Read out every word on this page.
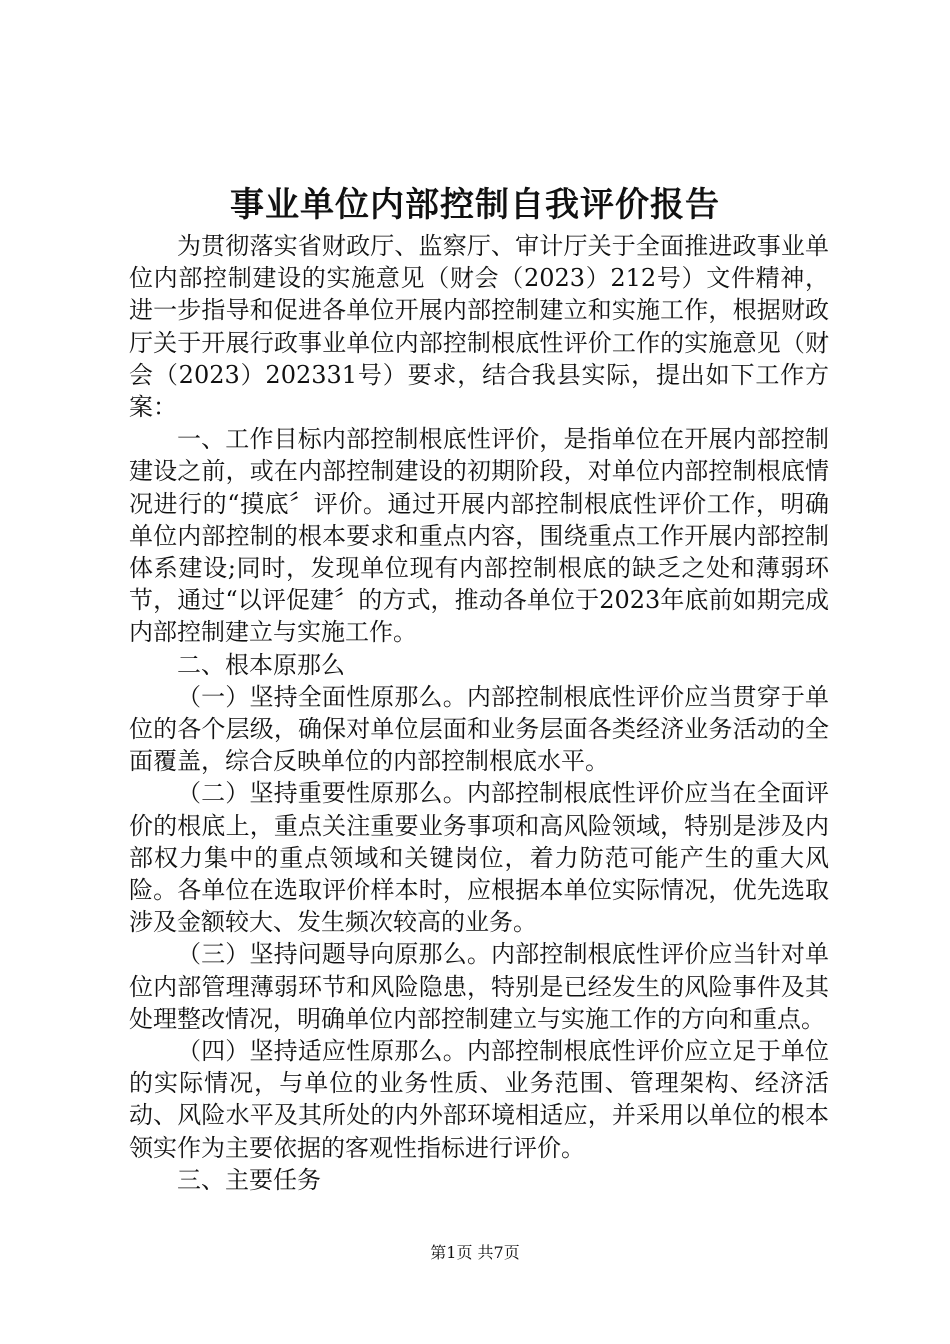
事业单位内部控制自我评价报告

为贯彻落实省财政厅、监察厅、审计厅关于全面推进政事业单位内部控制建设的实施意见（财会（2023）212号）文件精神，进一步指导和促进各单位开展内部控制建立和实施工作，根据财政厅关于开展行政事业单位内部控制根底性评价工作的实施意见（财会（2023）202331号）要求，结合我县实际，提出如下工作方案：

一、工作目标内部控制根底性评价，是指单位在开展内部控制建设之前，或在内部控制建设的初期阶段，对单位内部控制根底情况进行的“摸底〞评价。通过开展内部控制根底性评价工作，明确单位内部控制的根本要求和重点内容，围绕重点工作开展内部控制体系建设;同时，发现单位现有内部控制根底的缺乏之处和薄弱环节，通过“以评促建〞的方式，推动各单位于2023年底前如期完成内部控制建立与实施工作。

二、根本原那么

（一）坚持全面性原那么。内部控制根底性评价应当贯穿于单位的各个层级，确保对单位层面和业务层面各类经济业务活动的全面覆盖，综合反映单位的内部控制根底水平。

（二）坚持重要性原那么。内部控制根底性评价应当在全面评价的根底上，重点关注重要业务事项和高风险领域，特别是涉及内部权力集中的重点领域和关键岗位，着力防范可能产生的重大风险。各单位在选取评价样本时，应根据本单位实际情况，优先选取涉及金额较大、发生频次较高的业务。

（三）坚持问题导向原那么。内部控制根底性评价应当针对单位内部管理薄弱环节和风险隐患，特别是已经发生的风险事件及其处理整改情况，明确单位内部控制建立与实施工作的方向和重点。

（四）坚持适应性原那么。内部控制根底性评价应立足于单位的实际情况，与单位的业务性质、业务范围、管理架构、经济活动、风险水平及其所处的内外部环境相适应，并采用以单位的根本领实作为主要依据的客观性指标进行评价。

三、主要任务

第1页 共7页
